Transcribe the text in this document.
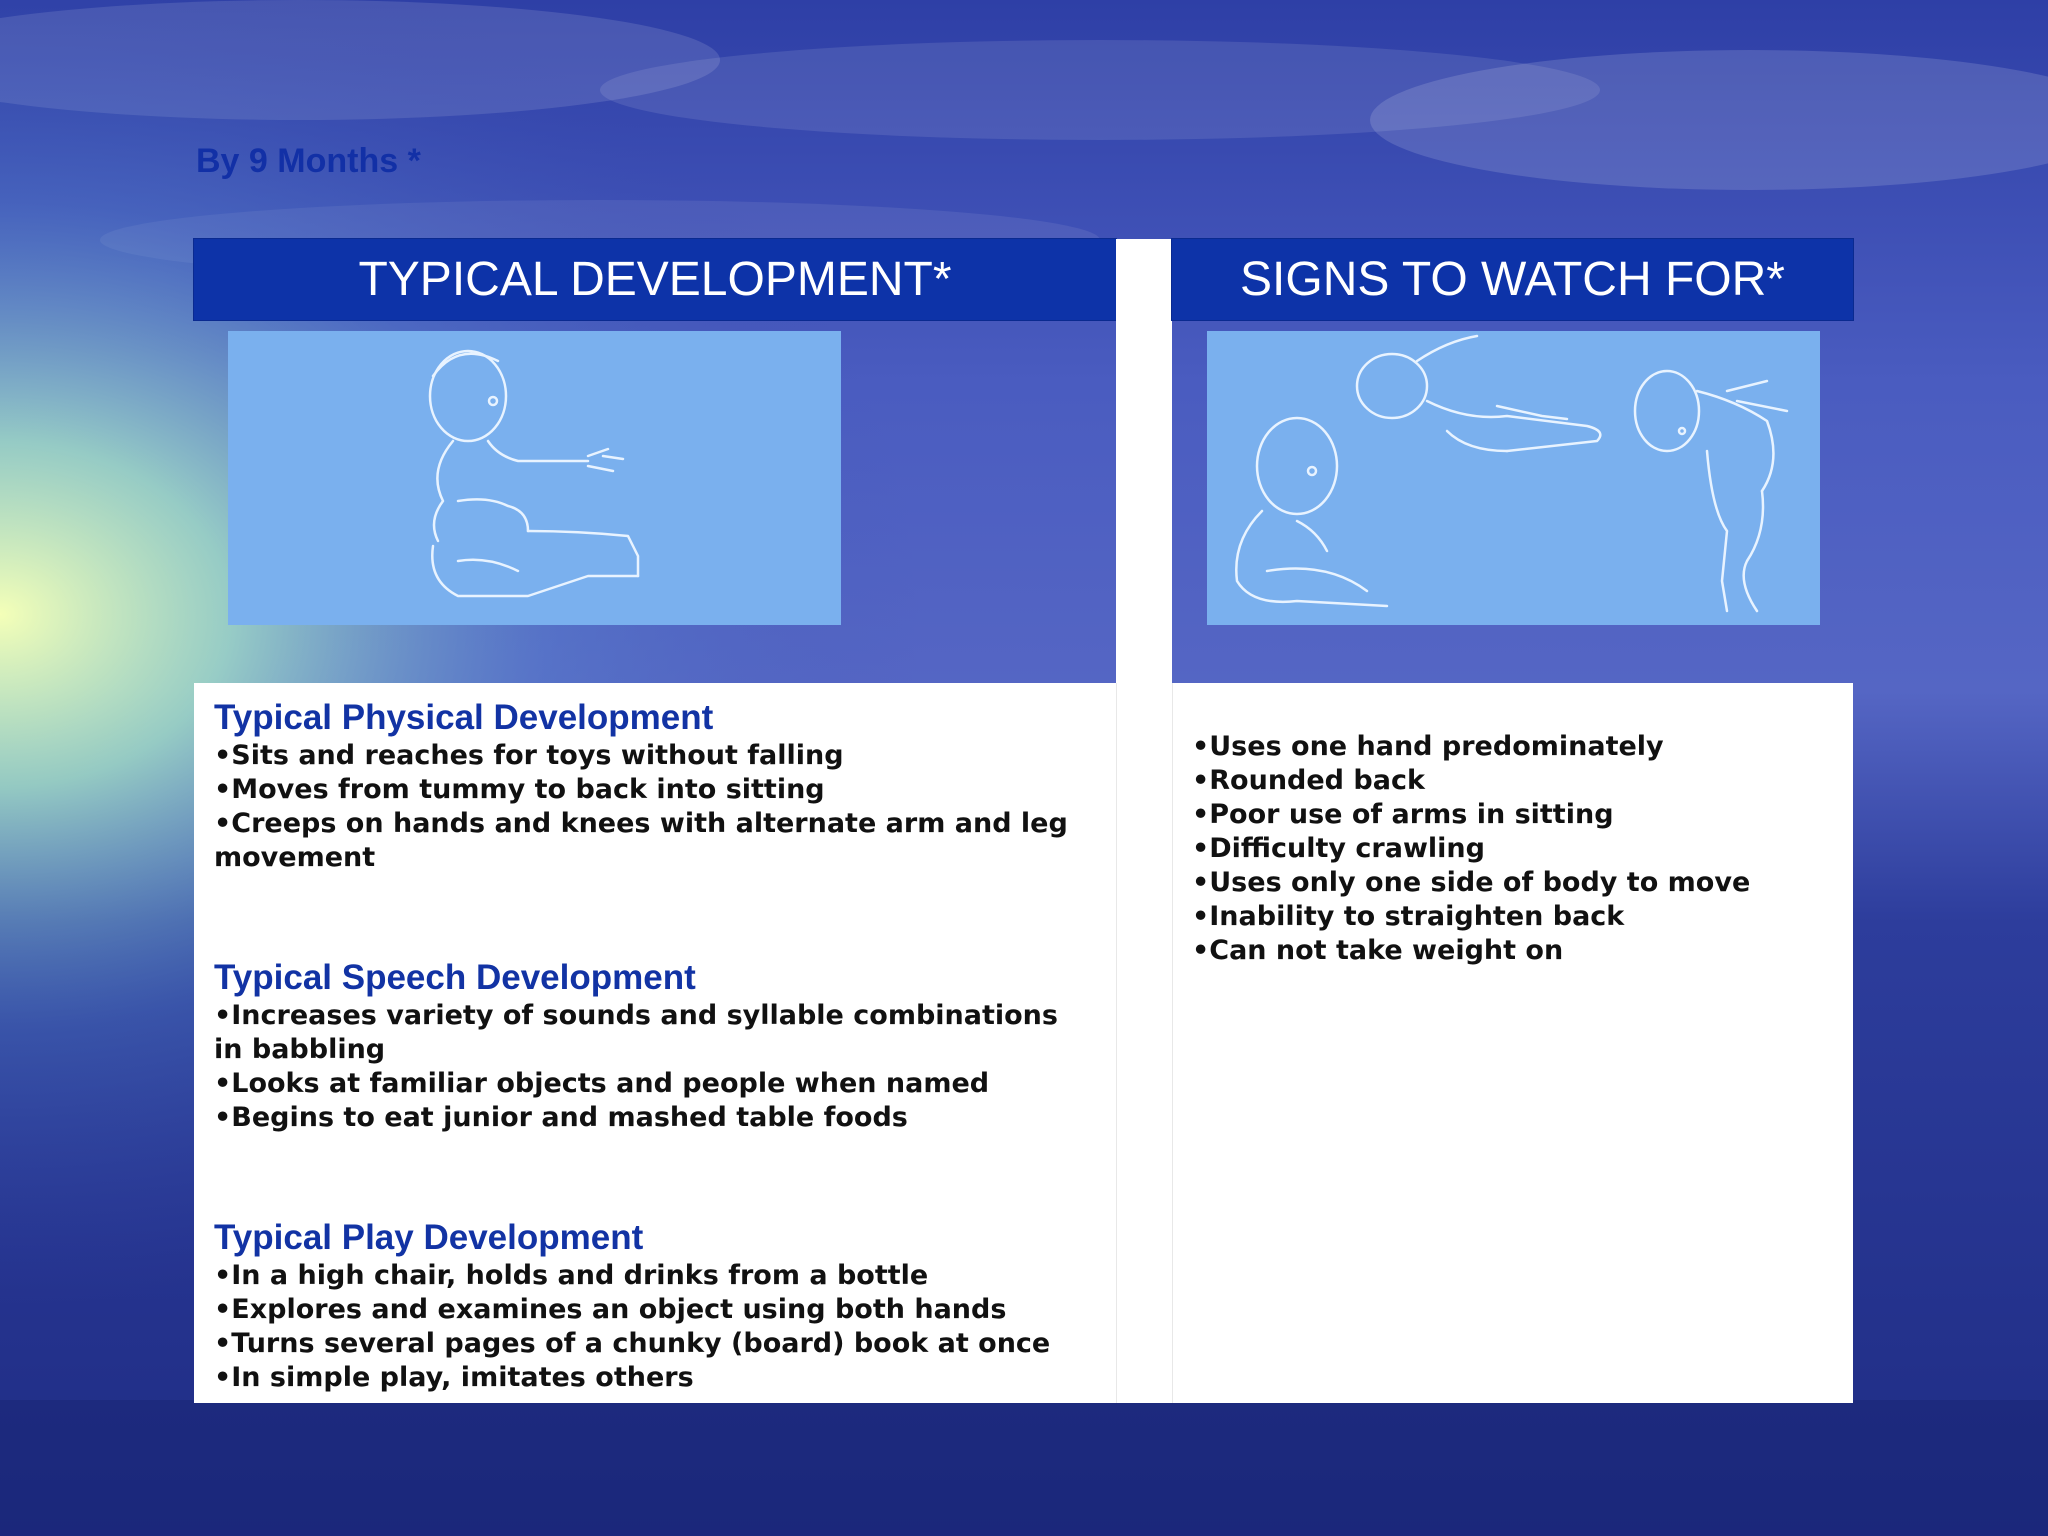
By 9 Months *
TYPICAL DEVELOPMENT*	SIGNS TO WATCH FOR*
Typical Physical Development
•Sits and reaches for toys without falling
•Moves from tummy to back into sitting
•Creeps on hands and knees with alternate arm and leg movement
Typical Speech Development
•Increases variety of sounds and syllable combinations in babbling
•Looks at familiar objects and people when named
•Begins to eat junior and mashed table foods
Typical Play Development
•In a high chair, holds and drinks from a bottle
•Explores and examines an object using both hands
•Turns several pages of a chunky (board) book at once
•In simple play, imitates others
•Uses one hand predominately
•Rounded back
•Poor use of arms in sitting
•Difficulty crawling
•Uses only one side of body to move
•Inability to straighten back
•Can not take weight on
